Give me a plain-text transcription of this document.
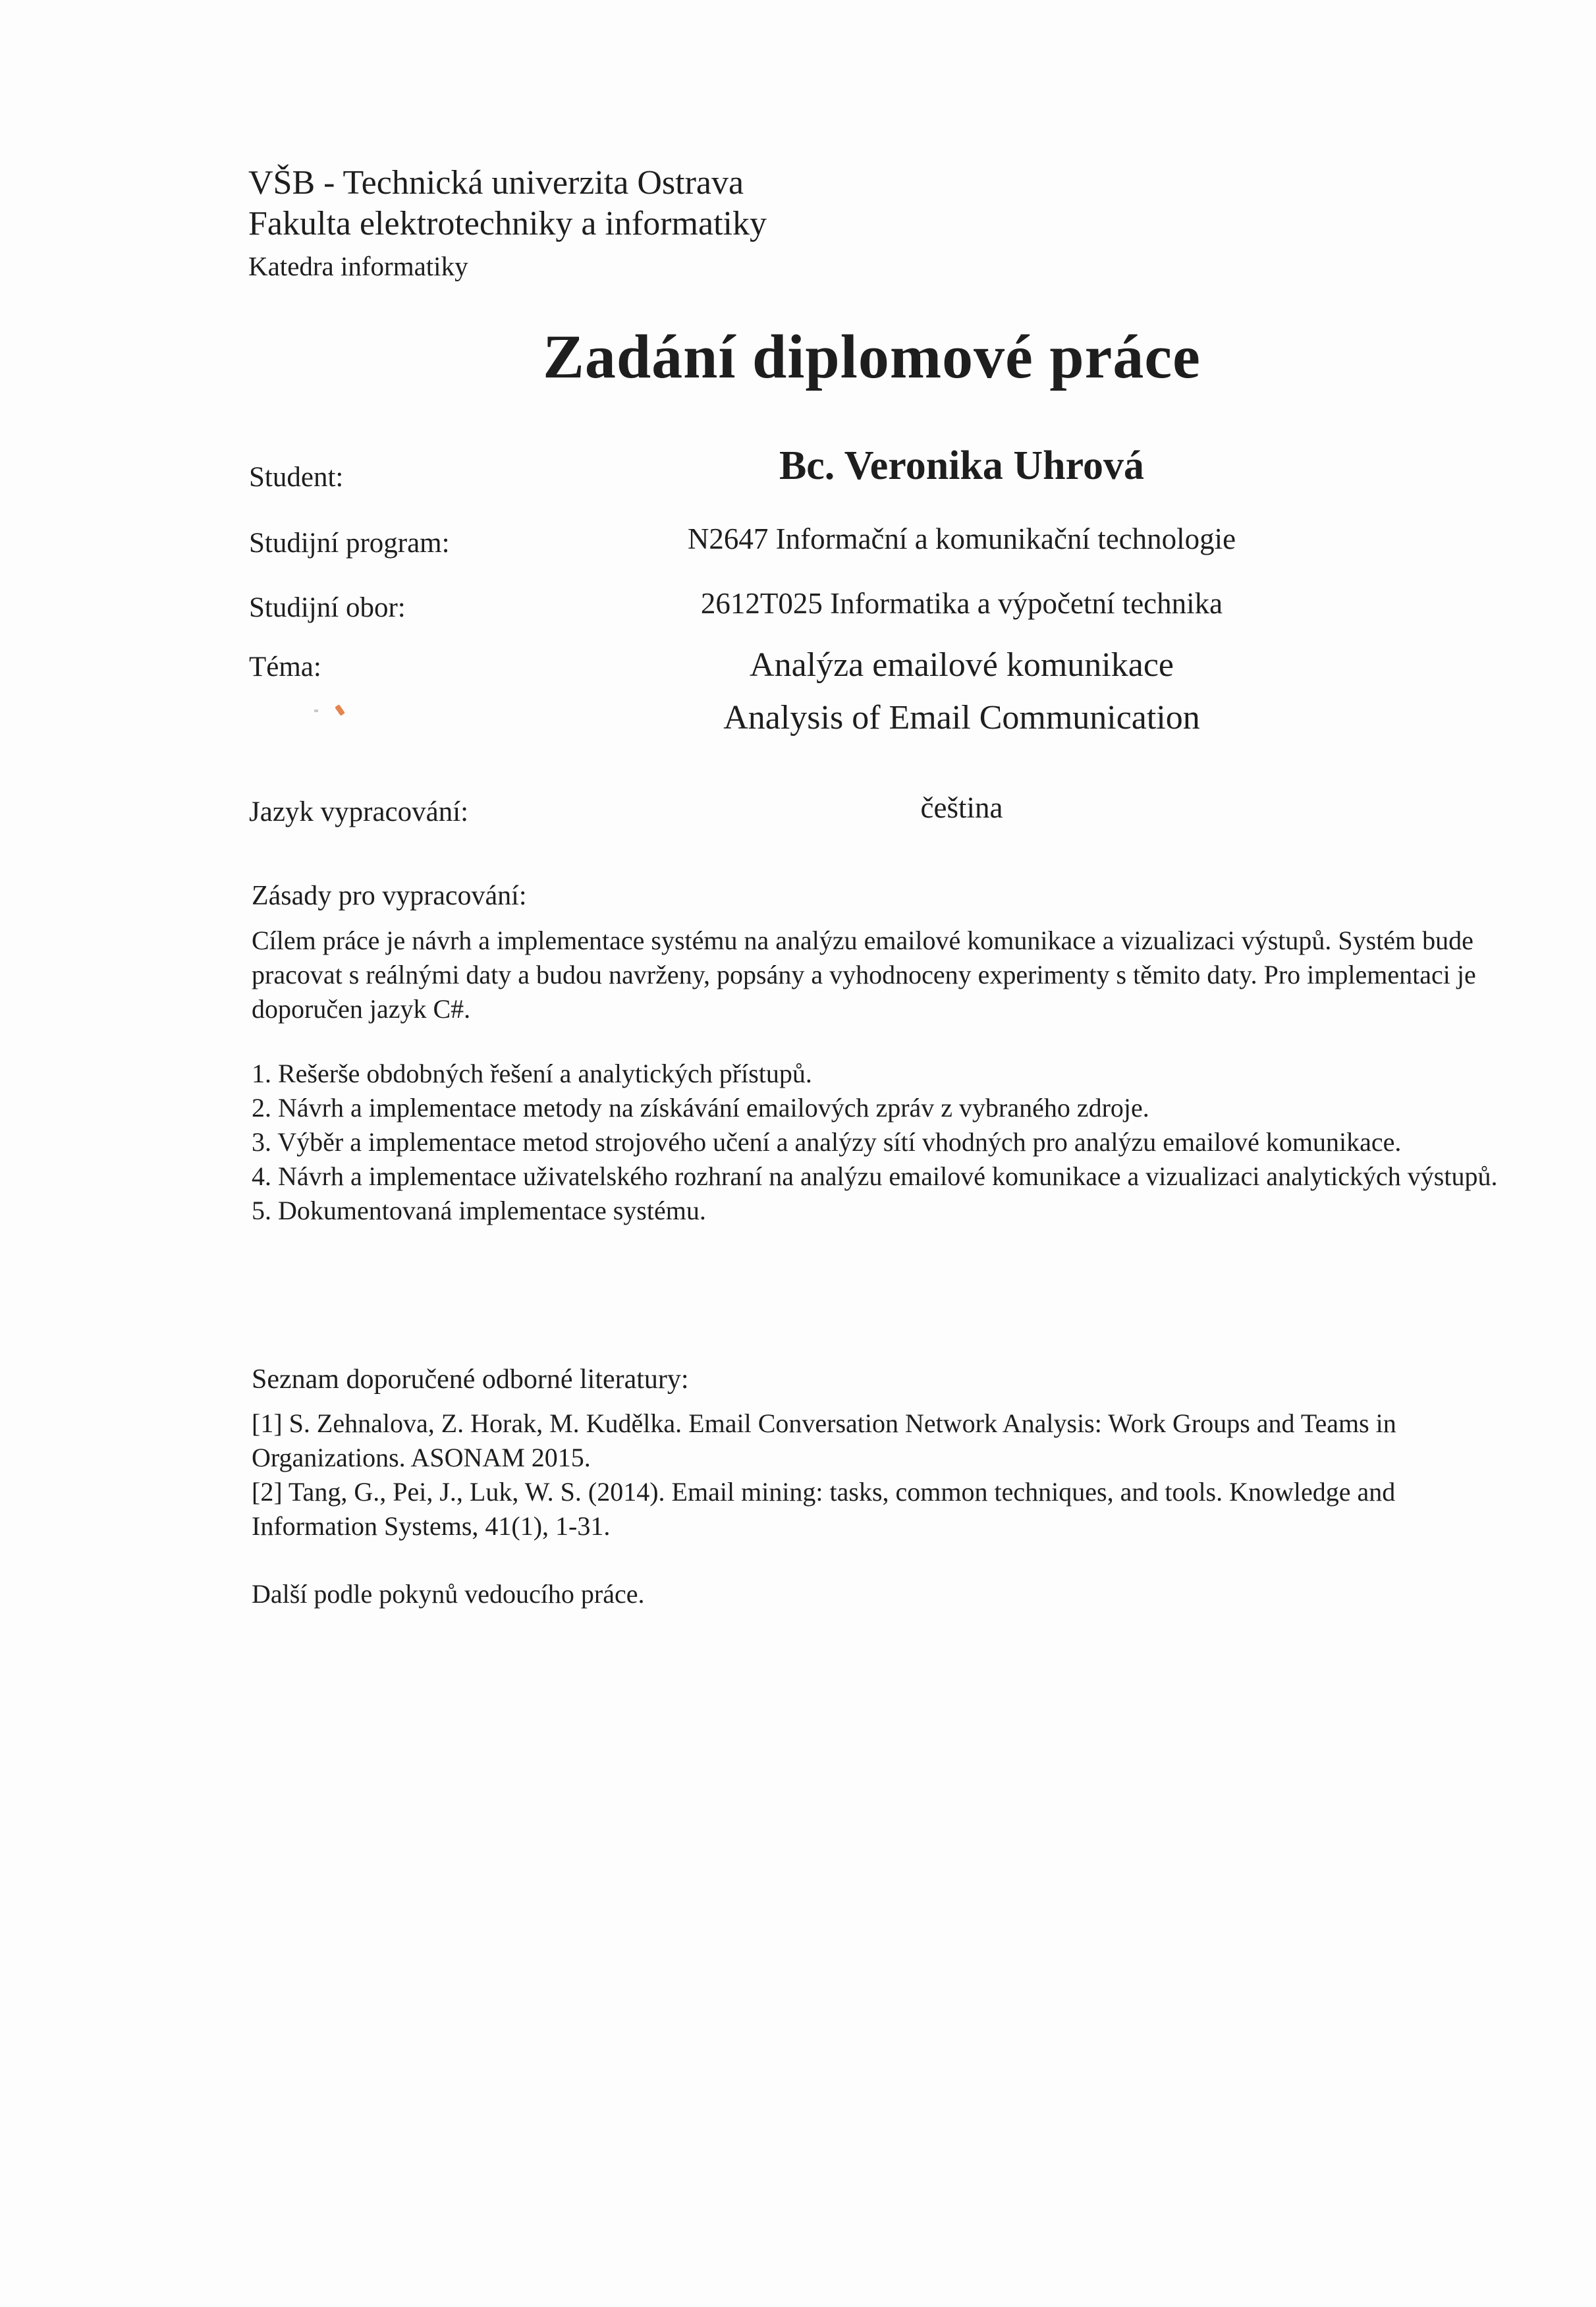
VŠB - Technická univerzita Ostrava
Fakulta elektrotechniky a informatiky
Katedra informatiky
Zadání diplomové práce
Student:	Bc. Veronika Uhrová
Studijní program:	N2647 Informační a komunikační technologie
Studijní obor:	2612T025 Informatika a výpočetní technika
Téma:	Analýza emailové komunikace
Analysis of Email Communication
Jazyk vypracování:	čeština
Zásady pro vypracování:
Cílem práce je návrh a implementace systému na analýzu emailové komunikace a vizualizaci výstupů. Systém bude pracovat s reálnými daty a budou navrženy, popsány a vyhodnoceny experimenty s těmito daty. Pro implementaci je doporučen jazyk C#.
1. Rešerše obdobných řešení a analytických přístupů.
2. Návrh a implementace metody na získávání emailových zpráv z vybraného zdroje.
3. Výběr a implementace metod strojového učení a analýzy sítí vhodných pro analýzu emailové komunikace.
4. Návrh a implementace uživatelského rozhraní na analýzu emailové komunikace a vizualizaci analytických výstupů.
5. Dokumentovaná implementace systému.
Seznam doporučené odborné literatury:
[1] S. Zehnalova, Z. Horak, M. Kudělka. Email Conversation Network Analysis: Work Groups and Teams in Organizations. ASONAM 2015.
[2] Tang, G., Pei, J., Luk, W. S. (2014). Email mining: tasks, common techniques, and tools. Knowledge and Information Systems, 41(1), 1-31.
Další podle pokynů vedoucího práce.
